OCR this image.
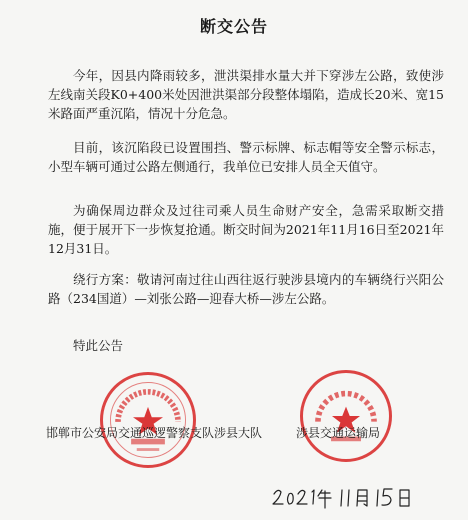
断交公告

今年，因县内降雨较多，泄洪渠排水量大并下穿涉左公路，致使涉左线南关段K0+400米处因泄洪渠部分段整体塌陷，造成长20米、宽15米路面严重沉陷，情况十分危急。

目前，该沉陷段已设置围挡、警示标牌、标志帽等安全警示标志，小型车辆可通过公路左侧通行，我单位已安排人员全天值守。

为确保周边群众及过往司乘人员生命财产安全，急需采取断交措施，便于展开下一步恢复抢通。断交时间为2021年11月16日至2021年12月31日。

绕行方案：敬请河南过往山西往返行驶涉县境内的车辆绕行兴阳公路（234国道）—刘张公路—迎春大桥—涉左公路。

特此公告

邯郸市公安局交通巡逻警察支队涉县大队	涉县交通运输局
